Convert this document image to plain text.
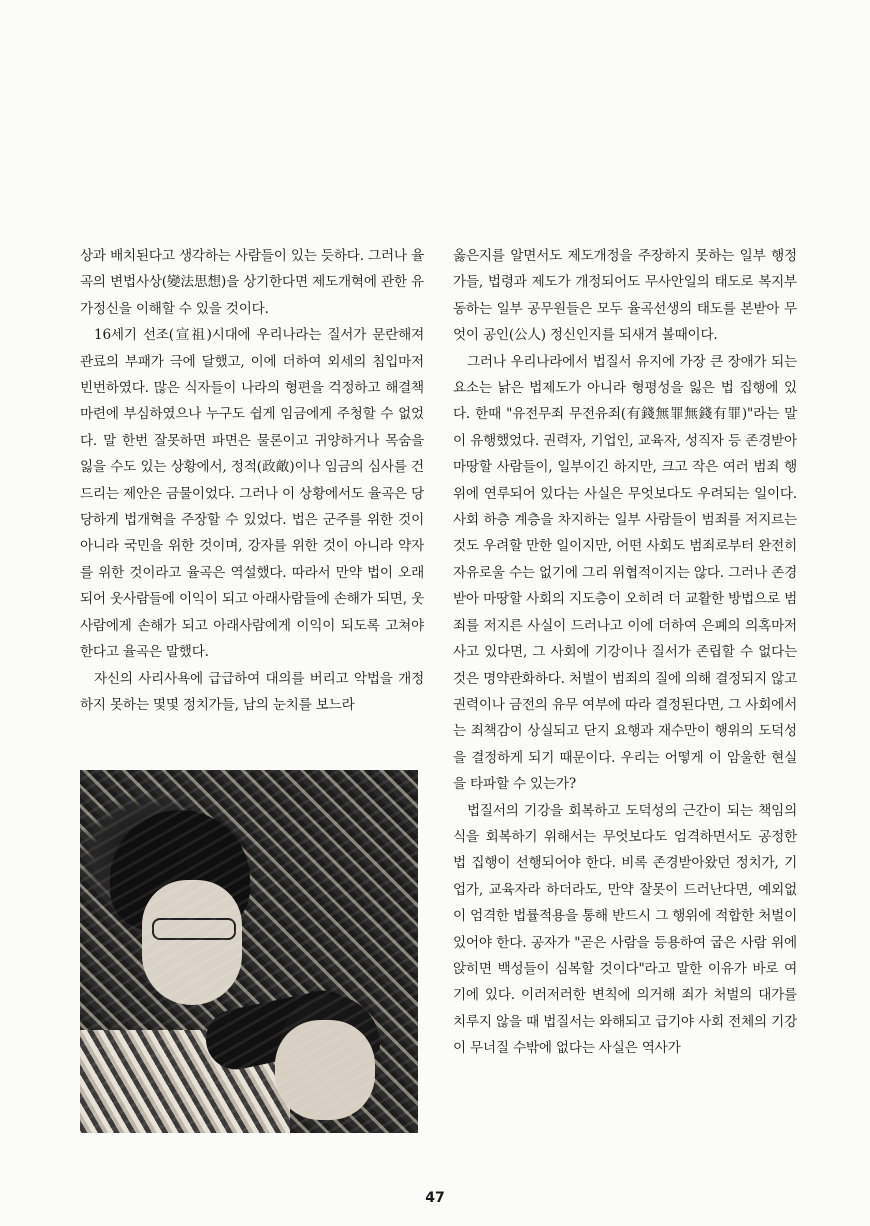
상과 배치된다고 생각하는 사람들이 있는 듯하다. 그러나 율곡의 변법사상(變法思想)을 상기한다면 제도개혁에 관한 유가정신을 이해할 수 있을 것이다.

16세기 선조(宣祖)시대에 우리나라는 질서가 문란해져 관료의 부패가 극에 달했고, 이에 더하여 외세의 침입마저 빈번하였다. 많은 식자들이 나라의 형편을 걱정하고 해결책 마련에 부심하였으나 누구도 쉽게 임금에게 주청할 수 없었다. 말 한번 잘못하면 파면은 물론이고 귀양하거나 목숨을 잃을 수도 있는 상황에서, 정적(政敵)이나 임금의 심사를 건드리는 제안은 금물이었다. 그러나 이 상황에서도 율곡은 당당하게 법개혁을 주장할 수 있었다. 법은 군주를 위한 것이 아니라 국민을 위한 것이며, 강자를 위한 것이 아니라 약자를 위한 것이라고 율곡은 역설했다. 따라서 만약 법이 오래되어 웃사람들에 이익이 되고 아래사람들에 손해가 되면, 웃사람에게 손해가 되고 아래사람에게 이익이 되도록 고쳐야 한다고 율곡은 말했다.

자신의 사리사욕에 급급하여 대의를 버리고 악법을 개정하지 못하는 몇몇 정치가들, 남의 눈치를 보느라

옳은지를 알면서도 제도개정을 주장하지 못하는 일부 행정가들, 법령과 제도가 개정되어도 무사안일의 태도로 복지부동하는 일부 공무원들은 모두 율곡선생의 태도를 본받아 무엇이 공인(公人) 정신인지를 되새겨 볼때이다.

그러나 우리나라에서 법질서 유지에 가장 큰 장애가 되는 요소는 낡은 법제도가 아니라 형평성을 잃은 법 집행에 있다. 한때 "유전무죄 무전유죄(有錢無罪無錢有罪)"라는 말이 유행했었다. 권력자, 기업인, 교육자, 성직자 등 존경받아 마땅할 사람들이, 일부이긴 하지만, 크고 작은 여러 범죄 행위에 연루되어 있다는 사실은 무엇보다도 우려되는 일이다. 사회 하층 계층을 차지하는 일부 사람들이 범죄를 저지르는 것도 우려할 만한 일이지만, 어떤 사회도 범죄로부터 완전히 자유로울 수는 없기에 그리 위협적이지는 않다. 그러나 존경받아 마땅할 사회의 지도층이 오히려 더 교활한 방법으로 범죄를 저지른 사실이 드러나고 이에 더하여 은폐의 의혹마저 사고 있다면, 그 사회에 기강이나 질서가 존립할 수 없다는 것은 명약관화하다. 처벌이 범죄의 질에 의해 결정되지 않고 권력이나 금전의 유무 여부에 따라 결정된다면, 그 사회에서는 죄책감이 상실되고 단지 요행과 재수만이 행위의 도덕성을 결정하게 되기 때문이다. 우리는 어떻게 이 암울한 현실을 타파할 수 있는가?

법질서의 기강을 회복하고 도덕성의 근간이 되는 책임의식을 회복하기 위해서는 무엇보다도 엄격하면서도 공정한 법 집행이 선행되어야 한다. 비록 존경받아왔던 정치가, 기업가, 교육자라 하더라도, 만약 잘못이 드러난다면, 예외없이 엄격한 법률적용을 통해 반드시 그 행위에 적합한 처벌이 있어야 한다. 공자가 "곧은 사람을 등용하여 굽은 사람 위에 앉히면 백성들이 심복할 것이다"라고 말한 이유가 바로 여기에 있다. 이러저러한 변칙에 의거해 죄가 처벌의 대가를 치루지 않을 때 법질서는 와해되고 급기야 사회 전체의 기강이 무너질 수밖에 없다는 사실은 역사가

47
